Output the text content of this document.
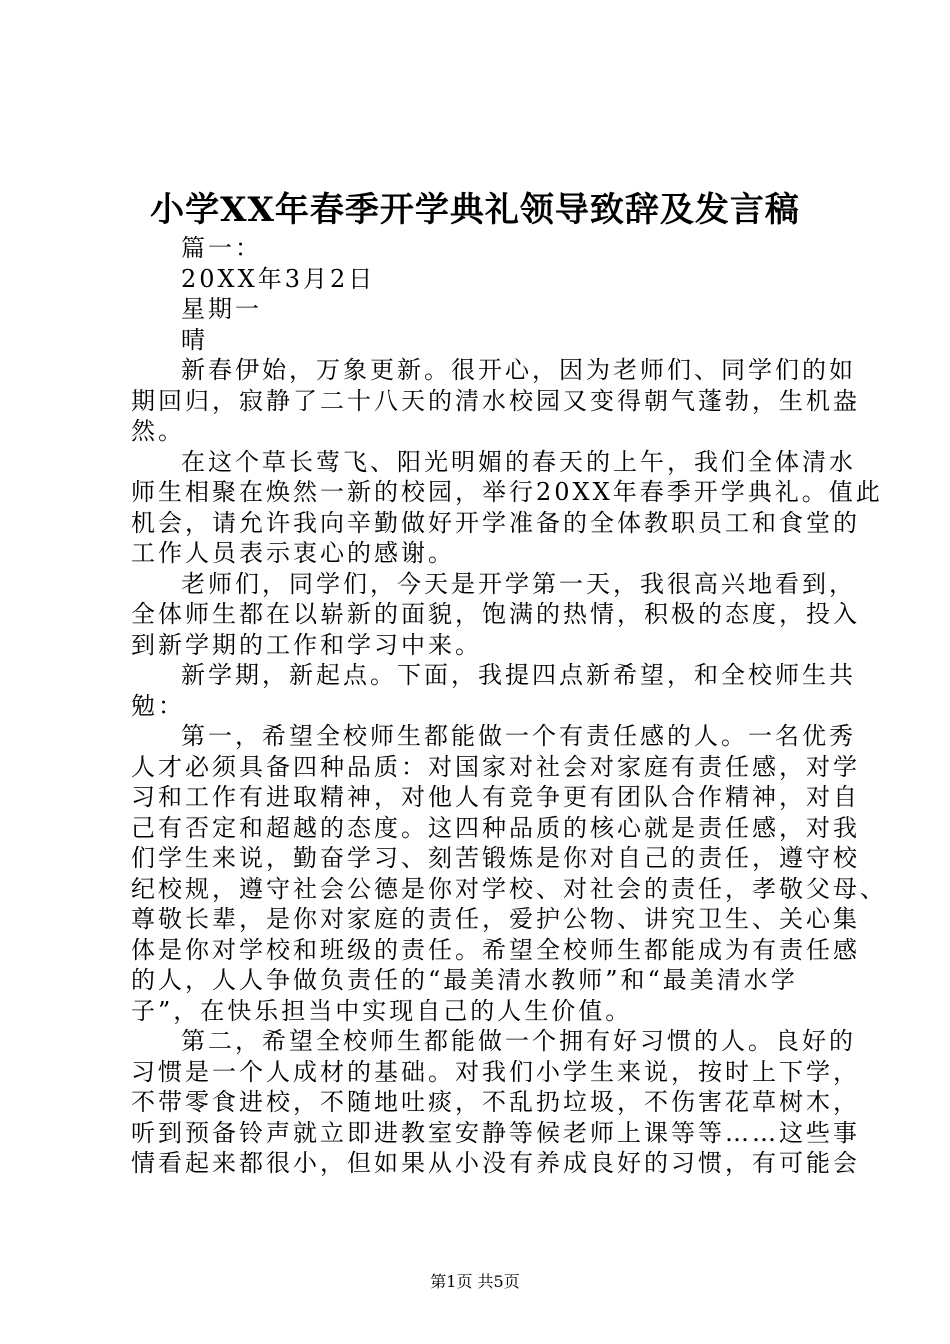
小学XX年春季开学典礼领导致辞及发言稿
篇一：
20XX年3月2日
星期一
晴
新春伊始，万象更新。很开心，因为老师们、同学们的如
期回归，寂静了二十八天的清水校园又变得朝气蓬勃，生机盎
然。
在这个草长莺飞、阳光明媚的春天的上午，我们全体清水
师生相聚在焕然一新的校园，举行20XX年春季开学典礼。值此
机会，请允许我向辛勤做好开学准备的全体教职员工和食堂的
工作人员表示衷心的感谢。
老师们，同学们，今天是开学第一天，我很高兴地看到，
全体师生都在以崭新的面貌，饱满的热情，积极的态度，投入
到新学期的工作和学习中来。
新学期，新起点。下面，我提四点新希望，和全校师生共
勉：
第一，希望全校师生都能做一个有责任感的人。一名优秀
人才必须具备四种品质：对国家对社会对家庭有责任感，对学
习和工作有进取精神，对他人有竞争更有团队合作精神，对自
己有否定和超越的态度。这四种品质的核心就是责任感，对我
们学生来说，勤奋学习、刻苦锻炼是你对自己的责任，遵守校
纪校规，遵守社会公德是你对学校、对社会的责任，孝敬父母、
尊敬长辈，是你对家庭的责任，爱护公物、讲究卫生、关心集
体是你对学校和班级的责任。希望全校师生都能成为有责任感
的人，人人争做负责任的“最美清水教师”和“最美清水学
子”，在快乐担当中实现自己的人生价值。
第二，希望全校师生都能做一个拥有好习惯的人。良好的
习惯是一个人成材的基础。对我们小学生来说，按时上下学，
不带零食进校，不随地吐痰，不乱扔垃圾，不伤害花草树木，
听到预备铃声就立即进教室安静等候老师上课等等……这些事
情看起来都很小，但如果从小没有养成良好的习惯，有可能会
第1页 共5页
